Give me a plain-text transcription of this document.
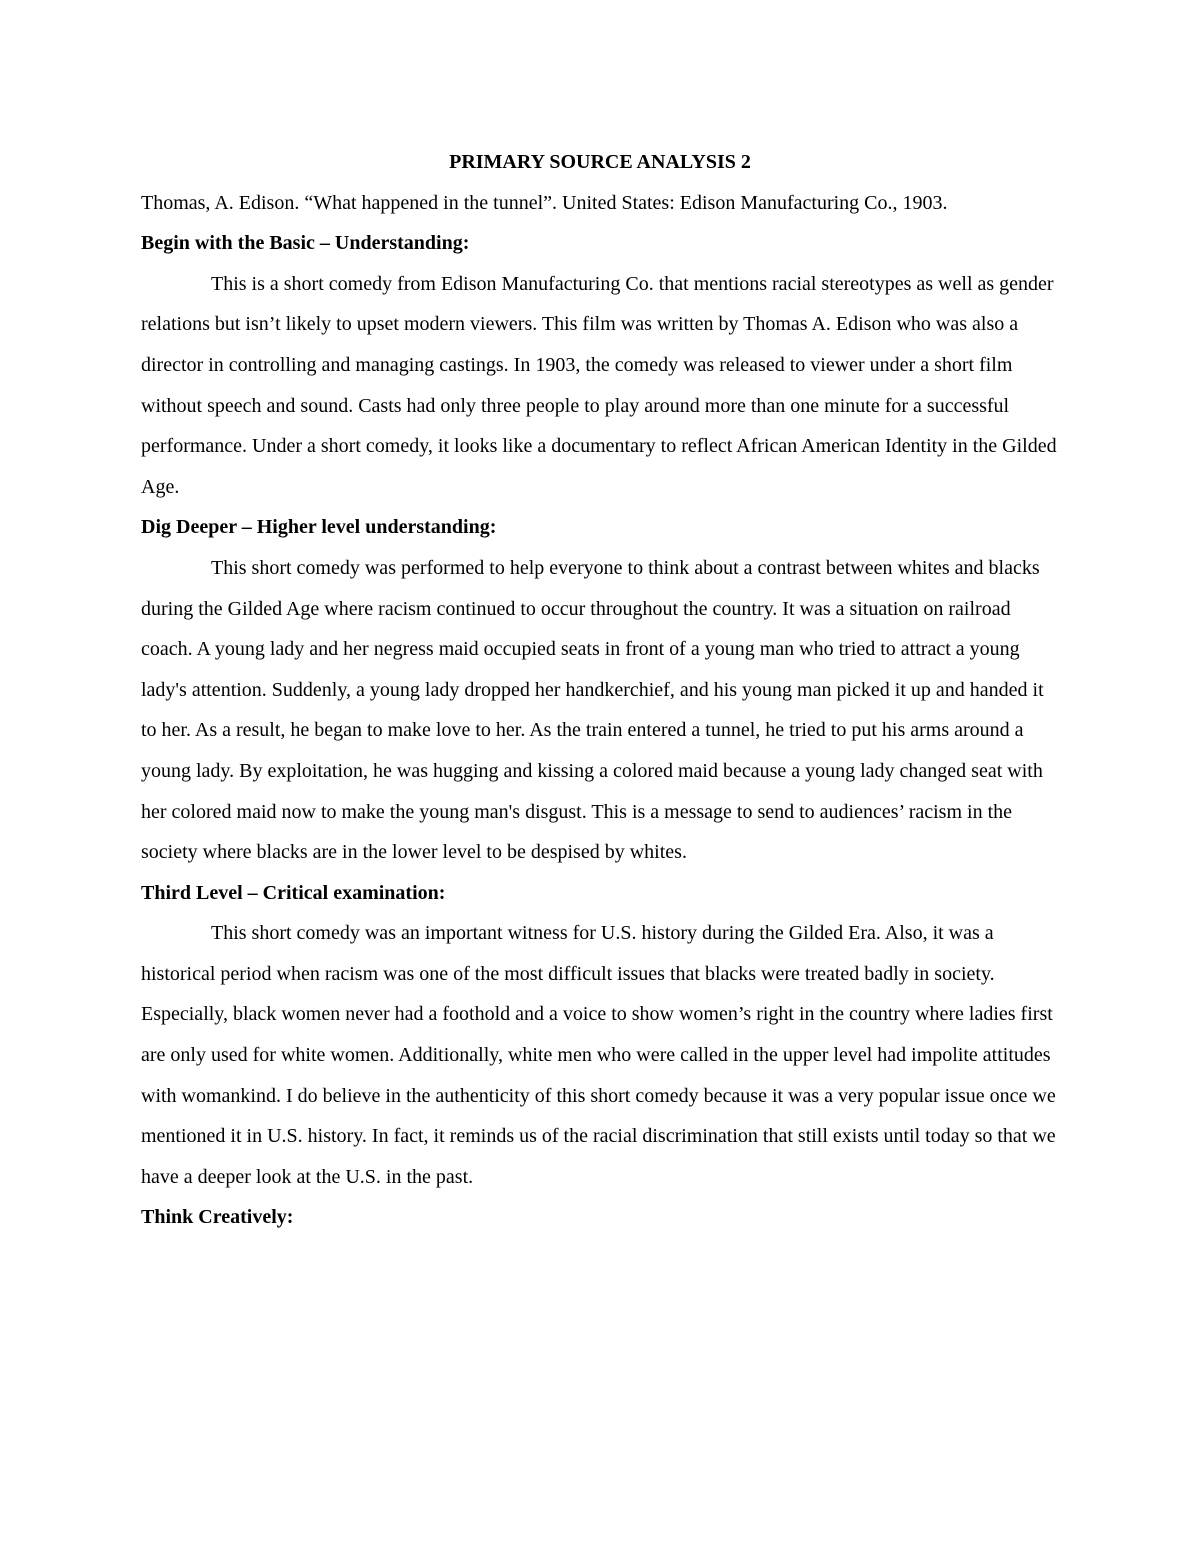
PRIMARY SOURCE ANALYSIS 2

Thomas, A. Edison. “What happened in the tunnel”. United States: Edison Manufacturing Co., 1903.

Begin with the Basic – Understanding:

This is a short comedy from Edison Manufacturing Co. that mentions racial stereotypes as well as gender relations but isn’t likely to upset modern viewers. This film was written by Thomas A. Edison who was also a director in controlling and managing castings. In 1903, the comedy was released to viewer under a short film without speech and sound. Casts had only three people to play around more than one minute for a successful performance. Under a short comedy, it looks like a documentary to reflect African American Identity in the Gilded Age.

Dig Deeper – Higher level understanding:

This short comedy was performed to help everyone to think about a contrast between whites and blacks during the Gilded Age where racism continued to occur throughout the country. It was a situation on railroad coach. A young lady and her negress maid occupied seats in front of a young man who tried to attract a young lady's attention. Suddenly, a young lady dropped her handkerchief, and his young man picked it up and handed it to her. As a result, he began to make love to her. As the train entered a tunnel, he tried to put his arms around a young lady. By exploitation, he was hugging and kissing a colored maid because a young lady changed seat with her colored maid now to make the young man's disgust. This is a message to send to audiences’ racism in the society where blacks are in the lower level to be despised by whites.

Third Level – Critical examination:

This short comedy was an important witness for U.S. history during the Gilded Era. Also, it was a historical period when racism was one of the most difficult issues that blacks were treated badly in society. Especially, black women never had a foothold and a voice to show women’s right in the country where ladies first are only used for white women. Additionally, white men who were called in the upper level had impolite attitudes with womankind. I do believe in the authenticity of this short comedy because it was a very popular issue once we mentioned it in U.S. history. In fact, it reminds us of the racial discrimination that still exists until today so that we have a deeper look at the U.S. in the past.

Think Creatively:
